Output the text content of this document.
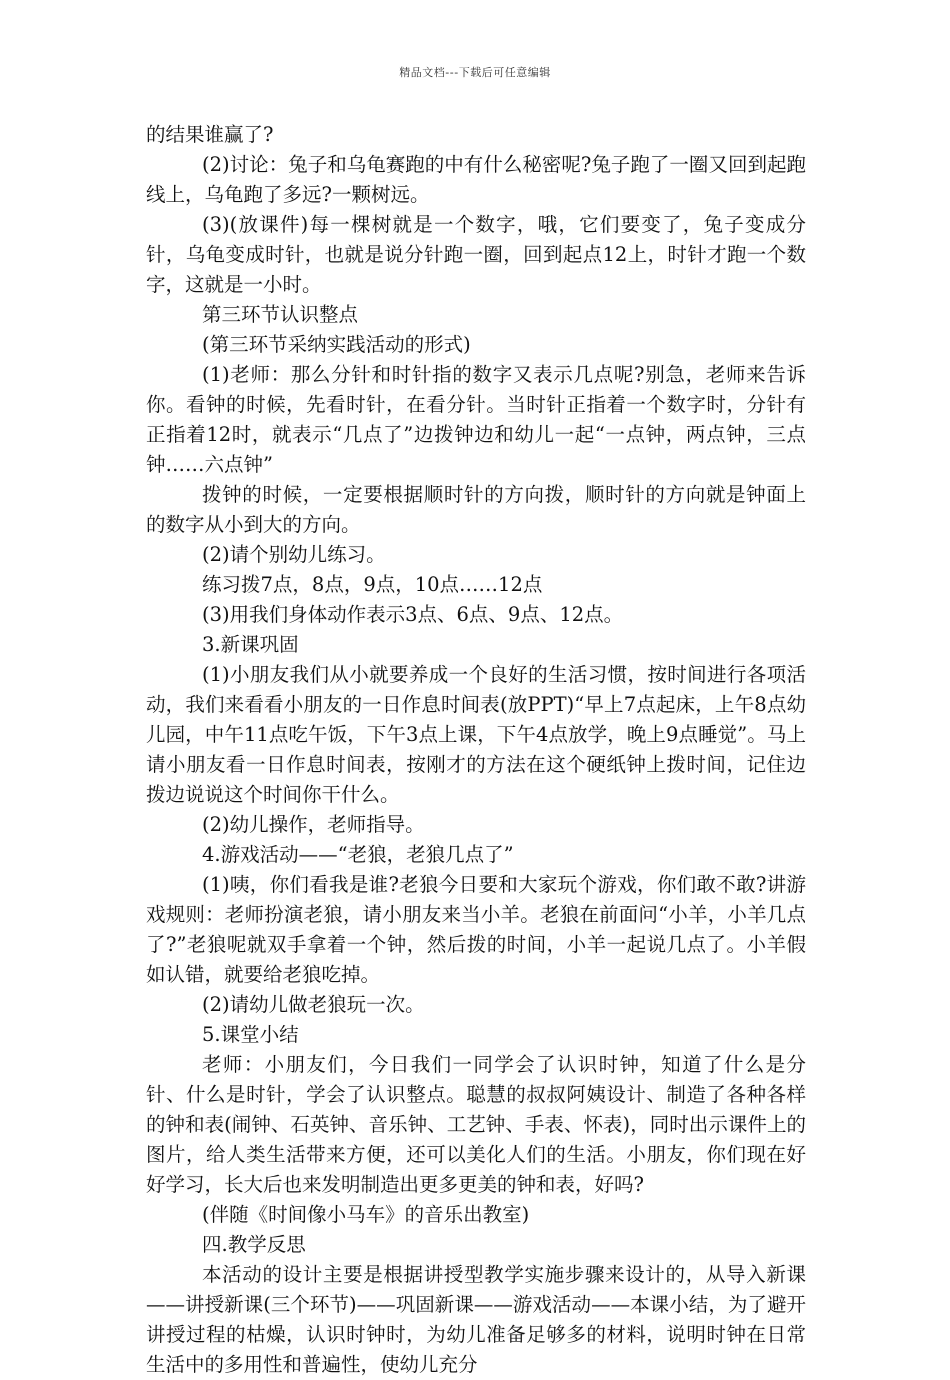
精品文档---下载后可任意编辑

的结果谁赢了?

(2)讨论：兔子和乌龟赛跑的中有什么秘密呢?兔子跑了一圈又回到起跑线上，乌龟跑了多远?一颗树远。

(3)(放课件)每一棵树就是一个数字，哦，它们要变了，兔子变成分针，乌龟变成时针，也就是说分针跑一圈，回到起点12上，时针才跑一个数字，这就是一小时。

第三环节认识整点

(第三环节采纳实践活动的形式)

(1)老师：那么分针和时针指的数字又表示几点呢?别急，老师来告诉你。看钟的时候，先看时针，在看分针。当时针正指着一个数字时，分针有正指着12时，就表示“几点了”边拨钟边和幼儿一起“一点钟，两点钟，三点钟……六点钟”

拨钟的时候，一定要根据顺时针的方向拨，顺时针的方向就是钟面上的数字从小到大的方向。

(2)请个别幼儿练习。

练习拨7点，8点，9点，10点……12点

(3)用我们身体动作表示3点、6点、9点、12点。

3.新课巩固

(1)小朋友我们从小就要养成一个良好的生活习惯，按时间进行各项活动，我们来看看小朋友的一日作息时间表(放PPT)“早上7点起床，上午8点幼儿园，中午11点吃午饭，下午3点上课，下午4点放学，晚上9点睡觉”。马上请小朋友看一日作息时间表，按刚才的方法在这个硬纸钟上拨时间，记住边拨边说说这个时间你干什么。

(2)幼儿操作，老师指导。

4.游戏活动——“老狼，老狼几点了”

(1)咦，你们看我是谁?老狼今日要和大家玩个游戏，你们敢不敢?讲游戏规则：老师扮演老狼，请小朋友来当小羊。老狼在前面问“小羊，小羊几点了?”老狼呢就双手拿着一个钟，然后拨的时间，小羊一起说几点了。小羊假如认错，就要给老狼吃掉。

(2)请幼儿做老狼玩一次。

5.课堂小结

老师：小朋友们，今日我们一同学会了认识时钟，知道了什么是分针、什么是时针，学会了认识整点。聪慧的叔叔阿姨设计、制造了各种各样的钟和表(闹钟、石英钟、音乐钟、工艺钟、手表、怀表)，同时出示课件上的图片，给人类生活带来方便，还可以美化人们的生活。小朋友，你们现在好好学习，长大后也来发明制造出更多更美的钟和表，好吗?

(伴随《时间像小马车》的音乐出教室)

四.教学反思

本活动的设计主要是根据讲授型教学实施步骤来设计的，从导入新课——讲授新课(三个环节)——巩固新课——游戏活动——本课小结，为了避开讲授过程的枯燥，认识时钟时，为幼儿准备足够多的材料，说明时钟在日常生活中的多用性和普遍性，使幼儿充分
